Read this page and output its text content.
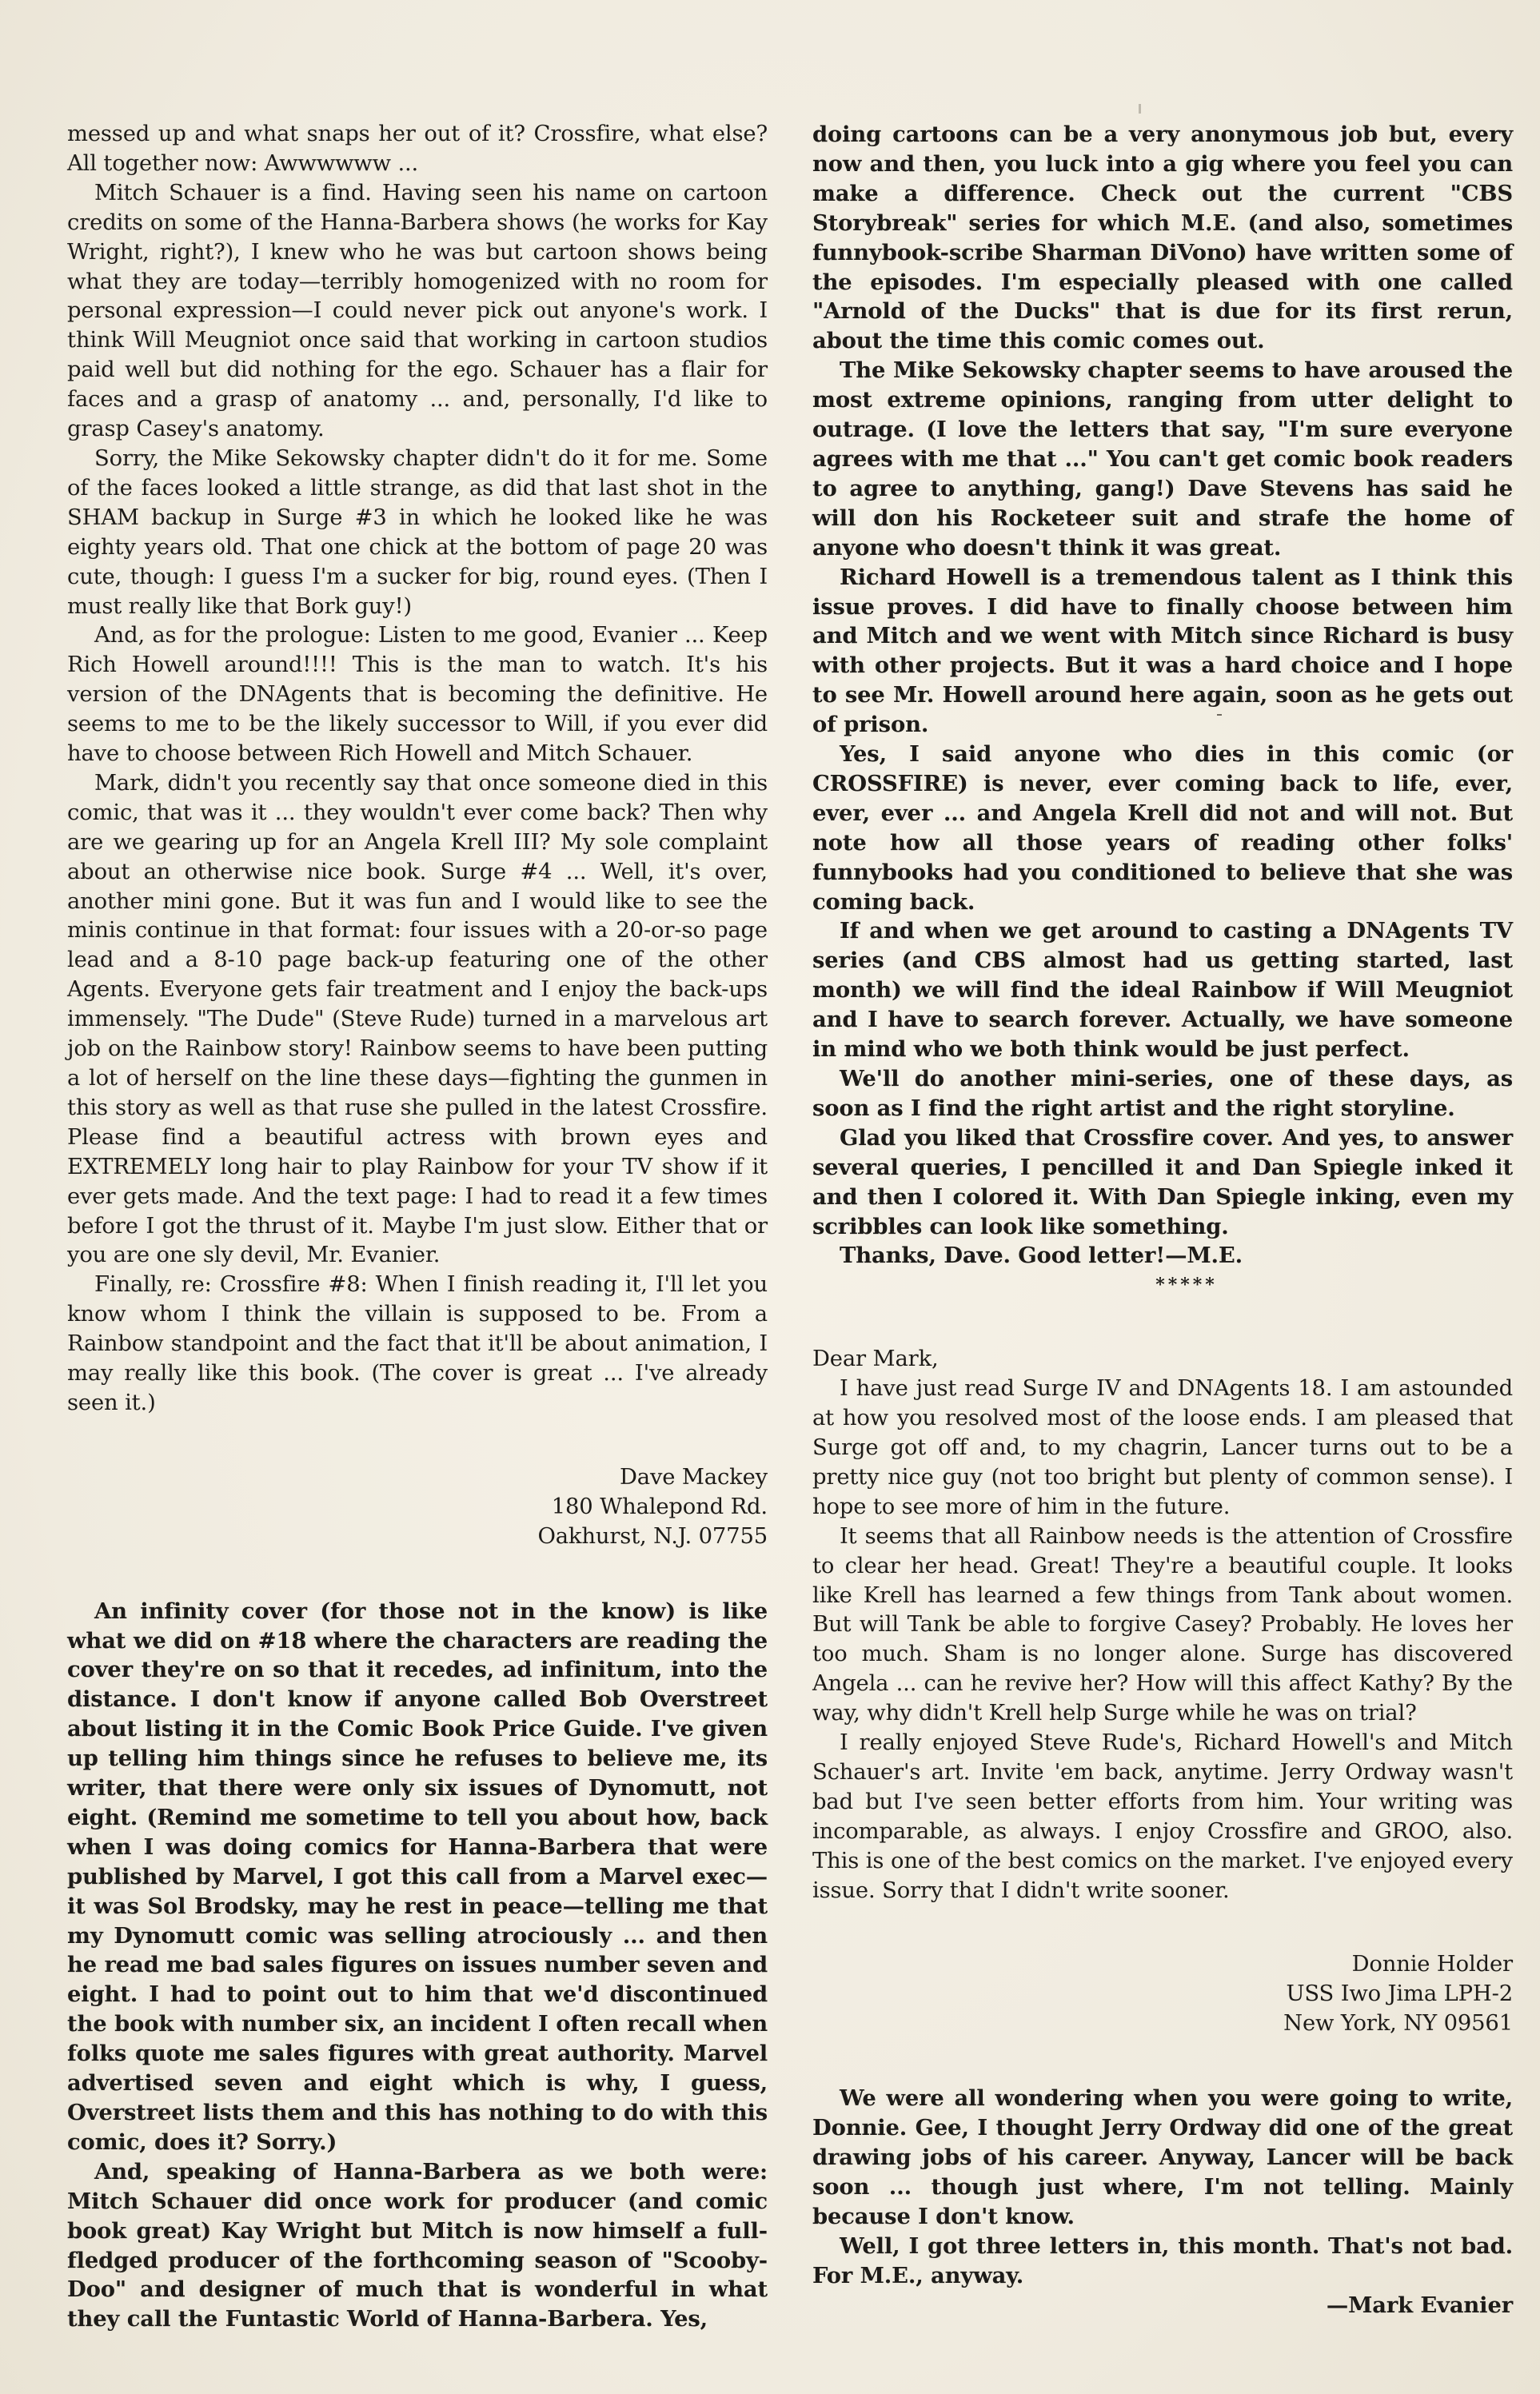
messed up and what snaps her out of it? Crossfire, what else? All together now: Awwwwww ...

Mitch Schauer is a find. Having seen his name on cartoon credits on some of the Hanna-Barbera shows (he works for Kay Wright, right?), I knew who he was but cartoon shows being what they are today—terribly homogenized with no room for personal expression—I could never pick out anyone's work. I think Will Meugniot once said that working in cartoon studios paid well but did nothing for the ego. Schauer has a flair for faces and a grasp of anatomy ... and, personally, I'd like to grasp Casey's anatomy.

Sorry, the Mike Sekowsky chapter didn't do it for me. Some of the faces looked a little strange, as did that last shot in the SHAM backup in Surge #3 in which he looked like he was eighty years old. That one chick at the bottom of page 20 was cute, though: I guess I'm a sucker for big, round eyes. (Then I must really like that Bork guy!)

And, as for the prologue: Listen to me good, Evanier ... Keep Rich Howell around!!!! This is the man to watch. It's his version of the DNAgents that is becoming the definitive. He seems to me to be the likely successor to Will, if you ever did have to choose between Rich Howell and Mitch Schauer.

Mark, didn't you recently say that once someone died in this comic, that was it ... they wouldn't ever come back? Then why are we gearing up for an Angela Krell III? My sole complaint about an otherwise nice book. Surge #4 ... Well, it's over, another mini gone. But it was fun and I would like to see the minis continue in that format: four issues with a 20-or-so page lead and a 8-10 page back-up featuring one of the other Agents. Everyone gets fair treatment and I enjoy the back-ups immensely. "The Dude" (Steve Rude) turned in a marvelous art job on the Rainbow story! Rainbow seems to have been putting a lot of herself on the line these days—fighting the gunmen in this story as well as that ruse she pulled in the latest Crossfire. Please find a beautiful actress with brown eyes and EXTREMELY long hair to play Rainbow for your TV show if it ever gets made. And the text page: I had to read it a few times before I got the thrust of it. Maybe I'm just slow. Either that or you are one sly devil, Mr. Evanier.

Finally, re: Crossfire #8: When I finish reading it, I'll let you know whom I think the villain is supposed to be. From a Rainbow standpoint and the fact that it'll be about animation, I may really like this book. (The cover is great ... I've already seen it.)

Dave Mackey

180 Whalepond Rd.

Oakhurst, N.J. 07755

An infinity cover (for those not in the know) is like what we did on #18 where the characters are reading the cover they're on so that it recedes, ad infinitum, into the distance. I don't know if anyone called Bob Overstreet about listing it in the Comic Book Price Guide. I've given up telling him things since he refuses to believe me, its writer, that there were only six issues of Dynomutt, not eight. (Remind me sometime to tell you about how, back when I was doing comics for Hanna-Barbera that were published by Marvel, I got this call from a Marvel exec—it was Sol Brodsky, may he rest in peace—telling me that my Dynomutt comic was selling atrociously ... and then he read me bad sales figures on issues number seven and eight. I had to point out to him that we'd discontinued the book with number six, an incident I often recall when folks quote me sales figures with great authority. Marvel advertised seven and eight which is why, I guess, Overstreet lists them and this has nothing to do with this comic, does it? Sorry.)

And, speaking of Hanna-Barbera as we both were: Mitch Schauer did once work for producer (and comic book great) Kay Wright but Mitch is now himself a full-fledged producer of the forthcoming season of "Scooby-Doo" and designer of much that is wonderful in what they call the Funtastic World of Hanna-Barbera. Yes,

doing cartoons can be a very anonymous job but, every now and then, you luck into a gig where you feel you can make a difference. Check out the current "CBS Storybreak" series for which M.E. (and also, sometimes funnybook-scribe Sharman DiVono) have written some of the episodes. I'm especially pleased with one called "Arnold of the Ducks" that is due for its first rerun, about the time this comic comes out.

The Mike Sekowsky chapter seems to have aroused the most extreme opinions, ranging from utter delight to outrage. (I love the letters that say, "I'm sure everyone agrees with me that ..." You can't get comic book readers to agree to anything, gang!) Dave Stevens has said he will don his Rocketeer suit and strafe the home of anyone who doesn't think it was great.

Richard Howell is a tremendous talent as I think this issue proves. I did have to finally choose between him and Mitch and we went with Mitch since Richard is busy with other projects. But it was a hard choice and I hope to see Mr. Howell around here again, soon as he gets out of prison.

Yes, I said anyone who dies in this comic (or CROSSFIRE) is never, ever coming back to life, ever, ever, ever ... and Angela Krell did not and will not. But note how all those years of reading other folks' funnybooks had you conditioned to believe that she was coming back.

If and when we get around to casting a DNAgents TV series (and CBS almost had us getting started, last month) we will find the ideal Rainbow if Will Meugniot and I have to search forever. Actually, we have someone in mind who we both think would be just perfect.

We'll do another mini-series, one of these days, as soon as I find the right artist and the right storyline.

Glad you liked that Crossfire cover. And yes, to answer several queries, I pencilled it and Dan Spiegle inked it and then I colored it. With Dan Spiegle inking, even my scribbles can look like something.

Thanks, Dave. Good letter!—M.E.

*****

Dear Mark,

I have just read Surge IV and DNAgents 18. I am astounded at how you resolved most of the loose ends. I am pleased that Surge got off and, to my chagrin, Lancer turns out to be a pretty nice guy (not too bright but plenty of common sense). I hope to see more of him in the future.

It seems that all Rainbow needs is the attention of Crossfire to clear her head. Great! They're a beautiful couple. It looks like Krell has learned a few things from Tank about women. But will Tank be able to forgive Casey? Probably. He loves her too much. Sham is no longer alone. Surge has discovered Angela ... can he revive her? How will this affect Kathy? By the way, why didn't Krell help Surge while he was on trial?

I really enjoyed Steve Rude's, Richard Howell's and Mitch Schauer's art. Invite 'em back, anytime. Jerry Ordway wasn't bad but I've seen better efforts from him. Your writing was incomparable, as always. I enjoy Crossfire and GROO, also. This is one of the best comics on the market. I've enjoyed every issue. Sorry that I didn't write sooner.

Donnie Holder

USS Iwo Jima LPH-2

New York, NY 09561

We were all wondering when you were going to write, Donnie. Gee, I thought Jerry Ordway did one of the great drawing jobs of his career. Anyway, Lancer will be back soon ... though just where, I'm not telling. Mainly because I don't know.

Well, I got three letters in, this month. That's not bad. For M.E., anyway.

—Mark Evanier
